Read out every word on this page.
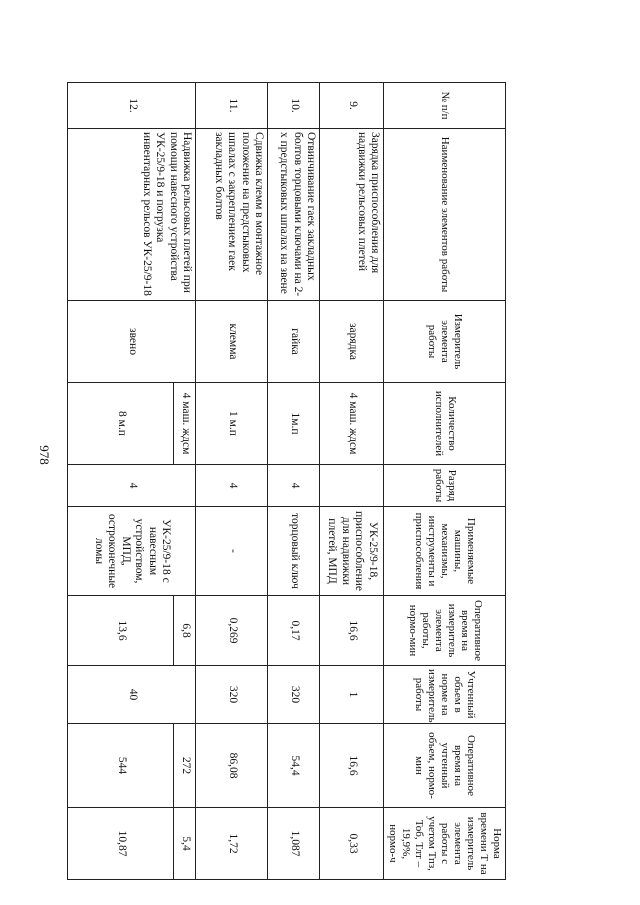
978
№ п/п	Наименование элементов работы	Измеритель элемента работы	Количество исполнителей	Разряд работы	Применяемые машины, механизмы, инструменты и приспособления	Оперативное время на измеритель элемента работы, нормо-мин	Учтенный объем в норме на измеритель работы	Оперативное время на учтенный объем, нормо-мин	Норма времени Т на измеритель элемента работы с учетом Тпз, Тоб, Тлт – 19,9%, нормо-ч
9.	Зарядка приспособления для надвижки рельсовых плетей	зарядка	4 маш. ждсм		УК-25/9-18, приспособление для надвижки плетей, МПД	16,6	1	16,6	0,33
10.	Отвинчивание гаек закладных болтов торцовыми ключами на 2-х предстыковых шпалах на звене	гайка	1м.п	4	торцовый ключ	0,17	320	54,4	1,087
11.	Сдвижка клемм в монтажное положение на предстыковых шпалах с закреплением гаек закладных болтов	клемма	1 м.п	4	-	0,269	320	86,08	1,72
12.	Надвижка рельсовых плетей при помощи навесного устройства УК-25/9-18 и погрузка инвентарных рельсов УК-25/9-18	звено	4 маш. ждсм	4	УК-25/9-18 с навесным устройством, МПД, остроконечные ломы	6,8	40	272	5,4
			8 м.п			13,6		544	10,87
